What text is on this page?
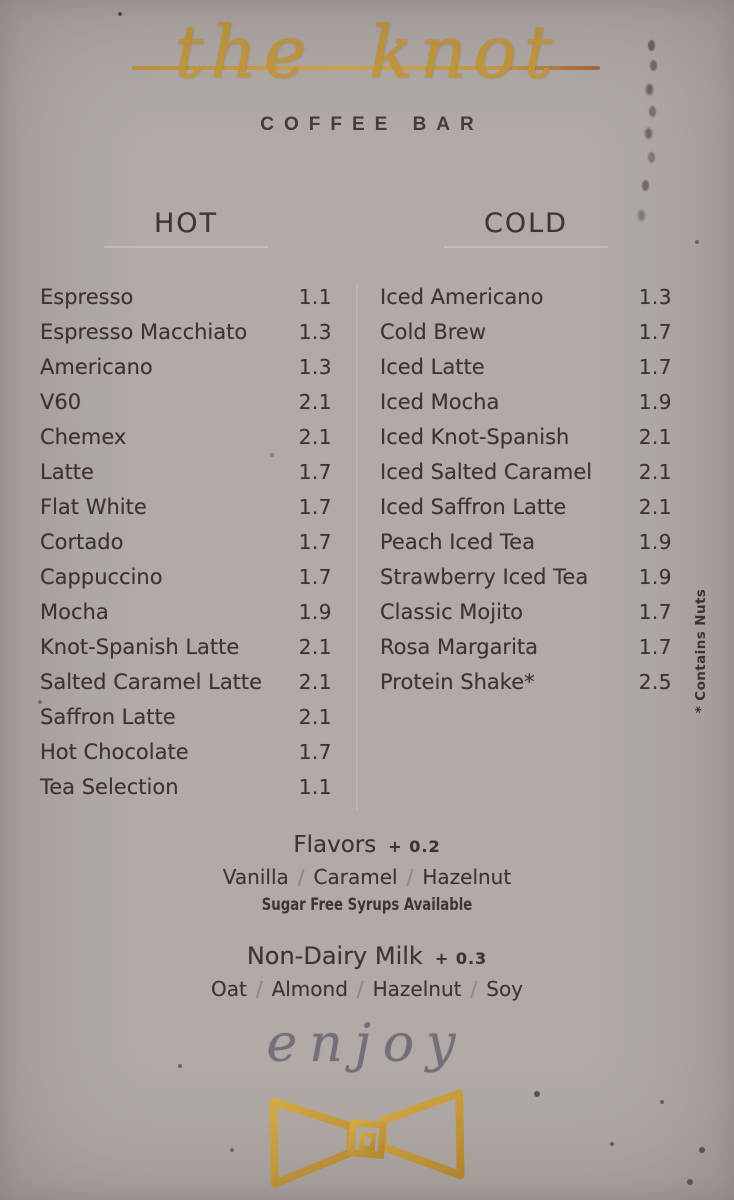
the knot
COFFEE BAR
HOT
Espresso	1.1
Espresso Macchiato	1.3
Americano	1.3
V60	2.1
Chemex	2.1
Latte	1.7
Flat White	1.7
Cortado	1.7
Cappuccino	1.7
Mocha	1.9
Knot-Spanish Latte	2.1
Salted Caramel Latte 2.1
Saffron Latte	2.1
Hot Chocolate	1.7
Tea Selection	1.1
COLD
Iced Americano	1.3
Cold Brew	1.7
Iced Latte	1.7
Iced Mocha	1.9
Iced Knot-Spanish	2.1
Iced Salted Caramel 2.1
Iced Saffron Latte	2.1
Peach Iced Tea	1.9
Strawberry Iced Tea	1.9
Classic Mojito	1.7
Rosa Margarita	1.7
Protein Shake*	2.5 * Contains Nuts
Flavors + 0.2
Vanilla / Caramel / Hazelnut
Sugar Free Syrups Available
Non-Dairy Milk + 0.3
Oat / Almond / Hazelnut / Soy
enjoy
